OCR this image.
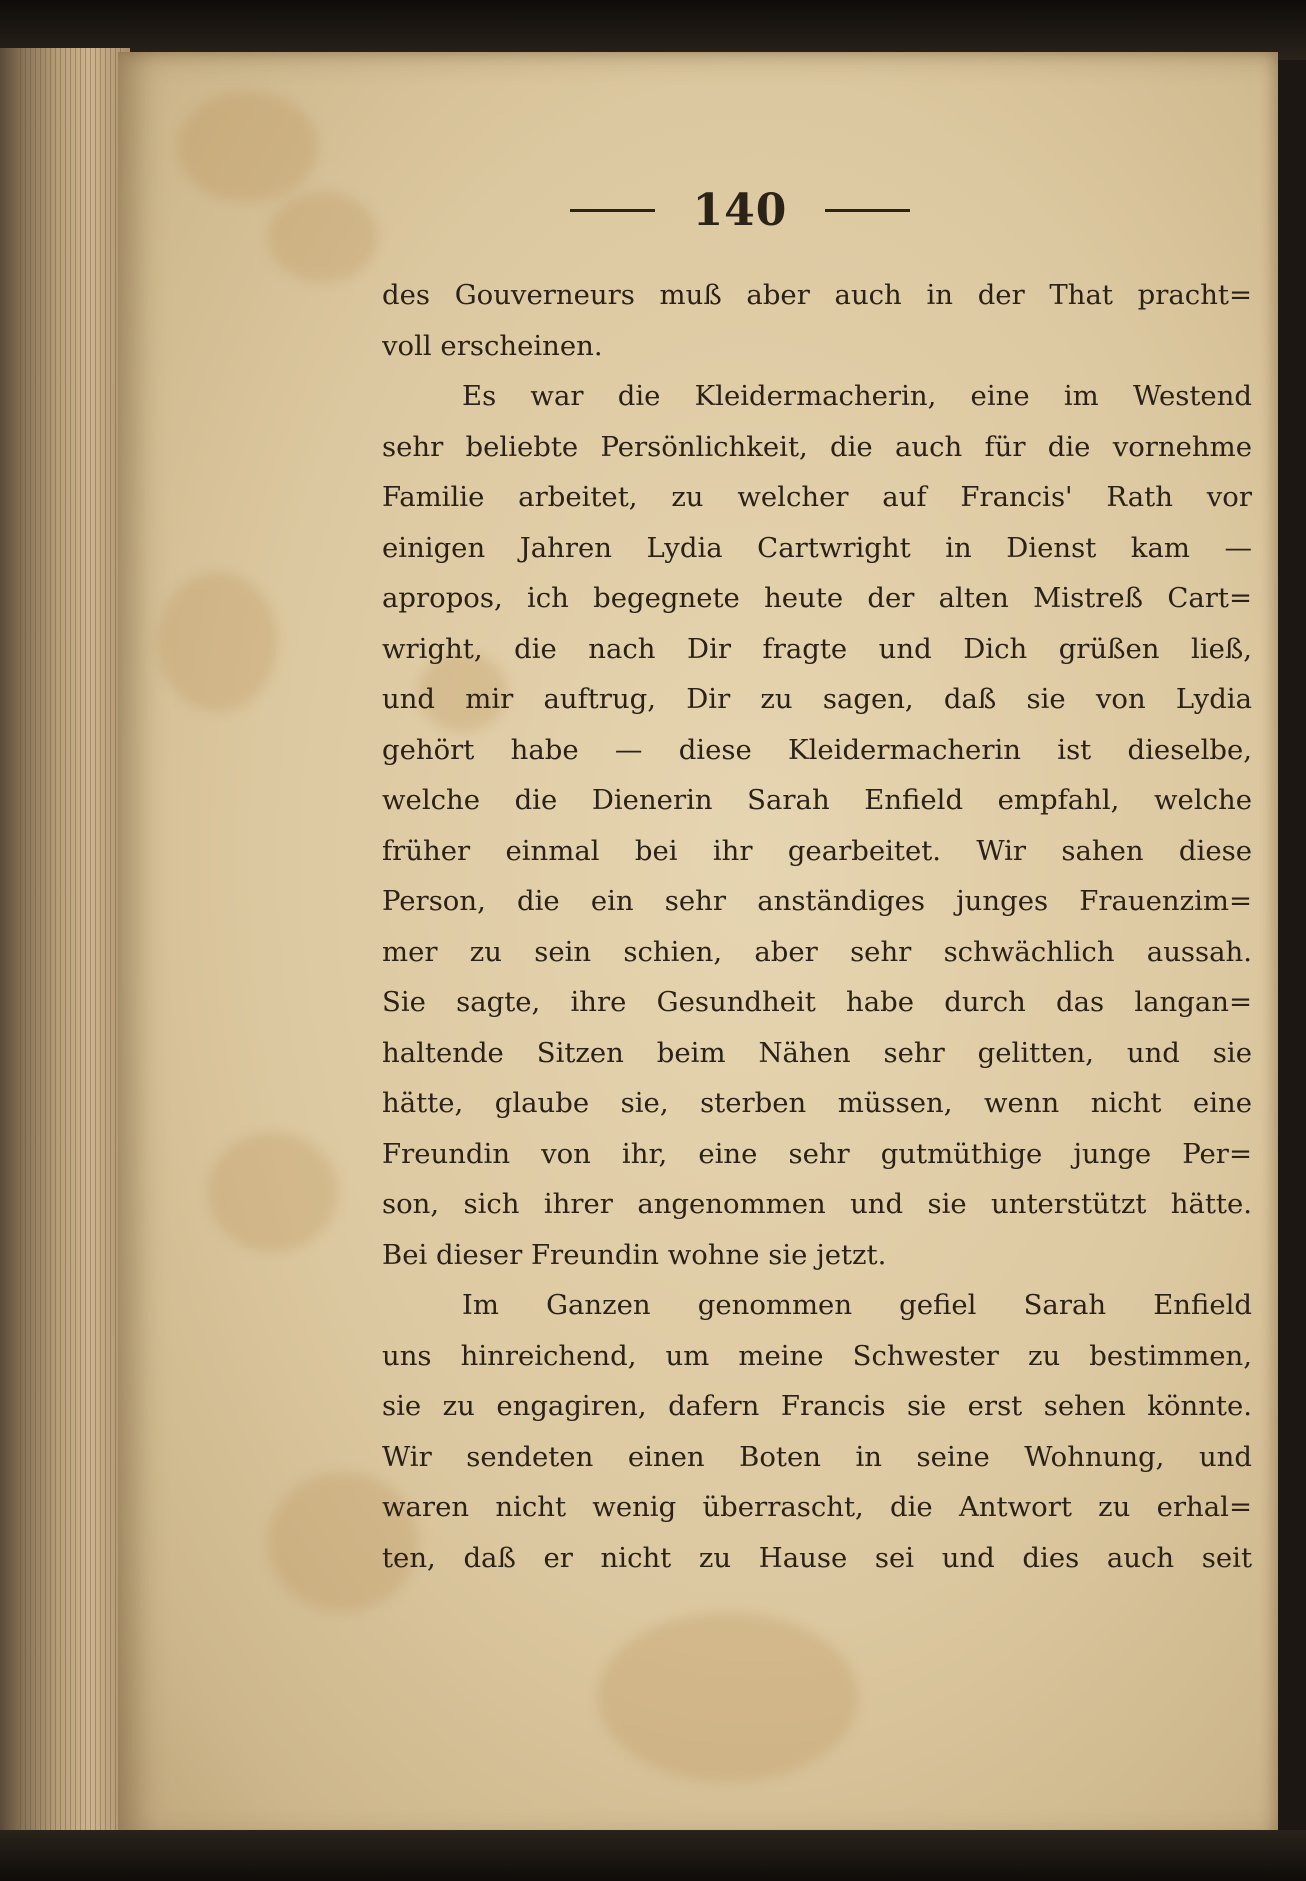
140
des Gouverneurs muß aber auch in der That pracht=
voll erscheinen.
Es war die Kleidermacherin, eine im Westend
sehr beliebte Persönlichkeit, die auch für die vornehme
Familie arbeitet, zu welcher auf Francis' Rath vor
einigen Jahren Lydia Cartwright in Dienst kam —
apropos, ich begegnete heute der alten Mistreß Cart=
wright, die nach Dir fragte und Dich grüßen ließ,
und mir auftrug, Dir zu sagen, daß sie von Lydia
gehört habe — diese Kleidermacherin ist dieselbe,
welche die Dienerin Sarah Enfield empfahl, welche
früher einmal bei ihr gearbeitet. Wir sahen diese
Person, die ein sehr anständiges junges Frauenzim=
mer zu sein schien, aber sehr schwächlich aussah.
Sie sagte, ihre Gesundheit habe durch das langan=
haltende Sitzen beim Nähen sehr gelitten, und sie
hätte, glaube sie, sterben müssen, wenn nicht eine
Freundin von ihr, eine sehr gutmüthige junge Per=
son, sich ihrer angenommen und sie unterstützt hätte.
Bei dieser Freundin wohne sie jetzt.
Im Ganzen genommen gefiel Sarah Enfield
uns hinreichend, um meine Schwester zu bestimmen,
sie zu engagiren, dafern Francis sie erst sehen könnte.
Wir sendeten einen Boten in seine Wohnung, und
waren nicht wenig überrascht, die Antwort zu erhal=
ten, daß er nicht zu Hause sei und dies auch seit
